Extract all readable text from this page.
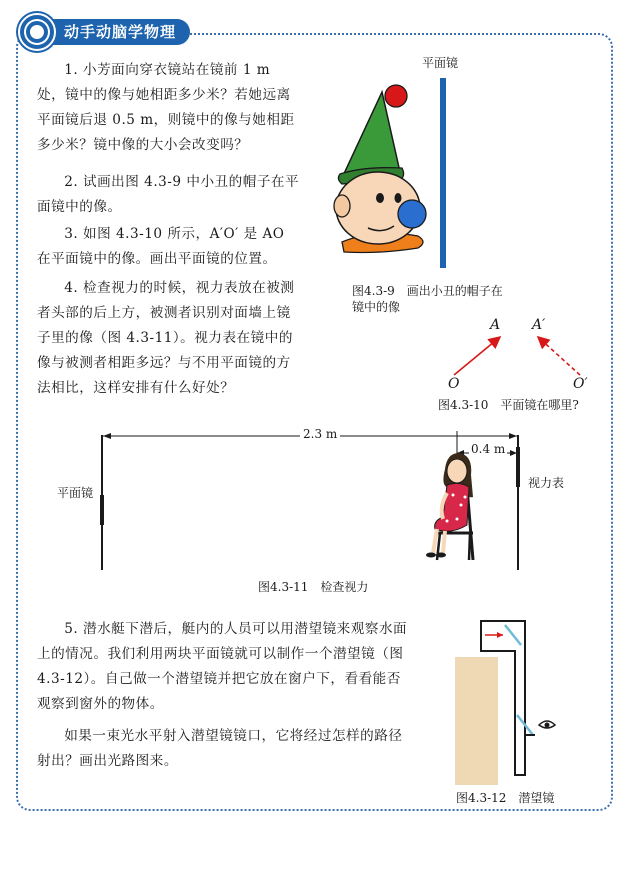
动手动脑学物理

1. 小芳面向穿衣镜站在镜前 1 m 处，镜中的像与她相距多少米？若她远离平面镜后退 0.5 m，则镜中的像与她相距多少米？镜中像的大小会改变吗？

2. 试画出图 4.3-9 中小丑的帽子在平面镜中的像。

3. 如图 4.3-10 所示，A′O′ 是 AO 在平面镜中的像。画出平面镜的位置。

4. 检查视力的时候，视力表放在被测者头部的后上方，被测者识别对面墙上镜子里的像（图 4.3-11）。视力表在镜中的像与被测者相距多远？与不用平面镜的方法相比，这样安排有什么好处？

平面镜
图4.3-9　画出小丑的帽子在镜中的像
A A′
O	O′
图4.3-10　平面镜在哪里?
2.3 m
0.4 m
平面镜
视力表
图4.3-11　检查视力

5. 潜水艇下潜后，艇内的人员可以用潜望镜来观察水面上的情况。我们利用两块平面镜就可以制作一个潜望镜（图 4.3-12）。自己做一个潜望镜并把它放在窗户下，看看能否观察到窗外的物体。

如果一束光水平射入潜望镜镜口，它将经过怎样的路径射出？画出光路图来。

图4.3-12　潜望镜
